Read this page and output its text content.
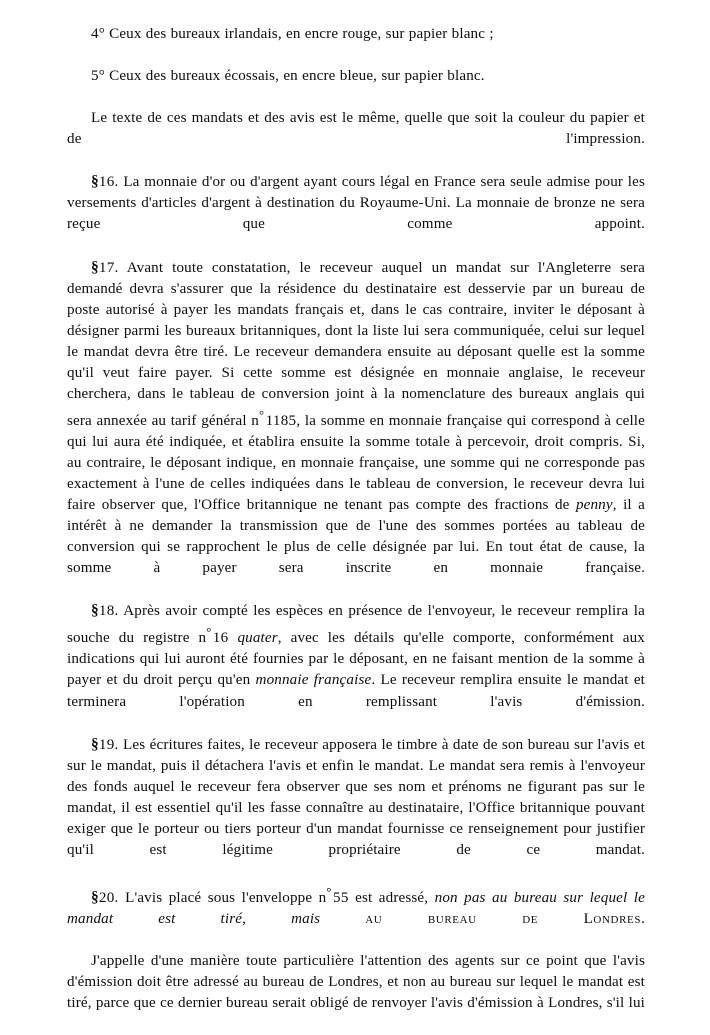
4° Ceux des bureaux irlandais, en encre rouge, sur papier blanc ;

5° Ceux des bureaux écossais, en encre bleue, sur papier blanc.

Le texte de ces mandats et des avis est le même, quelle que soit la couleur du papier et de l'impression.

§16. La monnaie d'or ou d'argent ayant cours légal en France sera seule admise pour les versements d'articles d'argent à destination du Royaume-Uni. La monnaie de bronze ne sera reçue que comme appoint.

§17. Avant toute constatation, le receveur auquel un mandat sur l'Angleterre sera demandé devra s'assurer que la résidence du destinataire est desservie par un bureau de poste autorisé à payer les mandats français et, dans le cas contraire, inviter le déposant à désigner parmi les bureaux britanniques, dont la liste lui sera communiquée, celui sur lequel le mandat devra être tiré. Le receveur demandera ensuite au déposant quelle est la somme qu'il veut faire payer. Si cette somme est désignée en monnaie anglaise, le receveur cherchera, dans le tableau de conversion joint à la nomenclature des bureaux anglais qui sera annexée au tarif général n° 1185, la somme en monnaie française qui correspond à celle qui lui aura été indiquée, et établira ensuite la somme totale à percevoir, droit compris. Si, au contraire, le déposant indique, en monnaie française, une somme qui ne corresponde pas exactement à l'une de celles indiquées dans le tableau de conversion, le receveur devra lui faire observer que, l'Office britannique ne tenant pas compte des fractions de penny, il a intérêt à ne demander la transmission que de l'une des sommes portées au tableau de conversion qui se rapprochent le plus de celle désignée par lui. En tout état de cause, la somme à payer sera inscrite en monnaie française.

§18. Après avoir compté les espèces en présence de l'envoyeur, le receveur remplira la souche du registre n° 16 quater, avec les détails qu'elle comporte, conformément aux indications qui lui auront été fournies par le déposant, en ne faisant mention de la somme à payer et du droit perçu qu'en monnaie française. Le receveur remplira ensuite le mandat et terminera l'opération en remplissant l'avis d'émission.

§19. Les écritures faites, le receveur apposera le timbre à date de son bureau sur l'avis et sur le mandat, puis il détachera l'avis et enfin le mandat. Le mandat sera remis à l'envoyeur des fonds auquel le receveur fera observer que ses nom et prénoms ne figurant pas sur le mandat, il est essentiel qu'il les fasse connaître au destinataire, l'Office britannique pouvant exiger que le porteur ou tiers porteur d'un mandat fournisse ce renseignement pour justifier qu'il est légitime propriétaire de ce mandat.

§20. L'avis placé sous l'enveloppe n° 55 est adressé, non pas au bureau sur lequel le mandat est tiré, mais au bureau de Londres.

J'appelle d'une manière toute particulière l'attention des agents sur ce point que l'avis d'émission doit être adressé au bureau de Londres, et non au bureau sur lequel le mandat est tiré, parce que ce dernier bureau serait obligé de renvoyer l'avis d'émission à Londres, s'il lui
